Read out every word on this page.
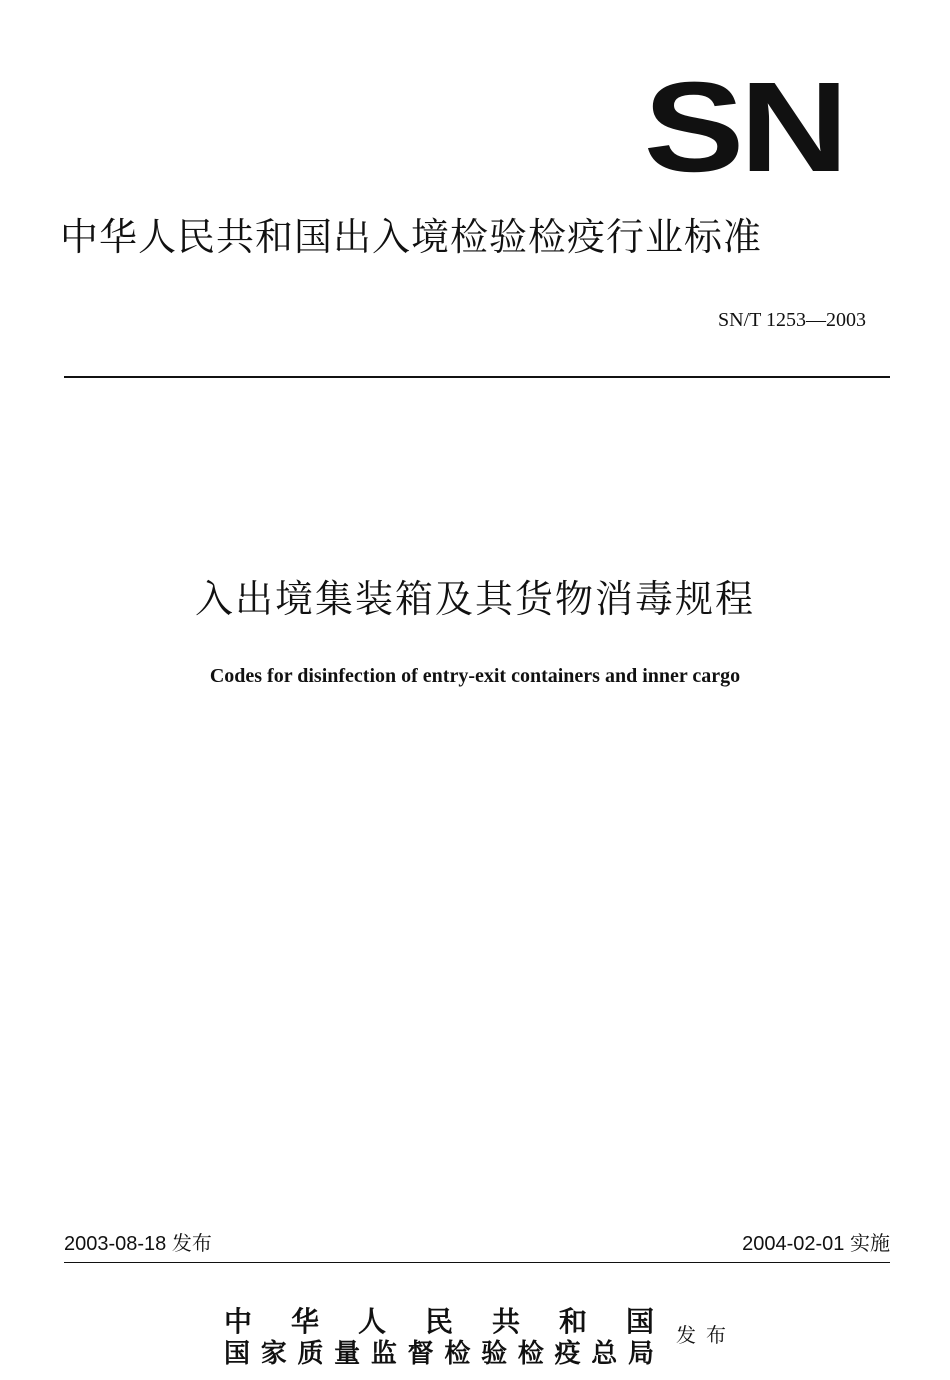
SN
中华人民共和国出入境检验检疫行业标准
SN/T 1253—2003
入出境集装箱及其货物消毒规程
Codes for disinfection of entry-exit containers and inner cargo
2003-08-18 发布	2004-02-01 实施
中 华 人 民 共 和 国
国家质量监督检验检疫总局
发布
